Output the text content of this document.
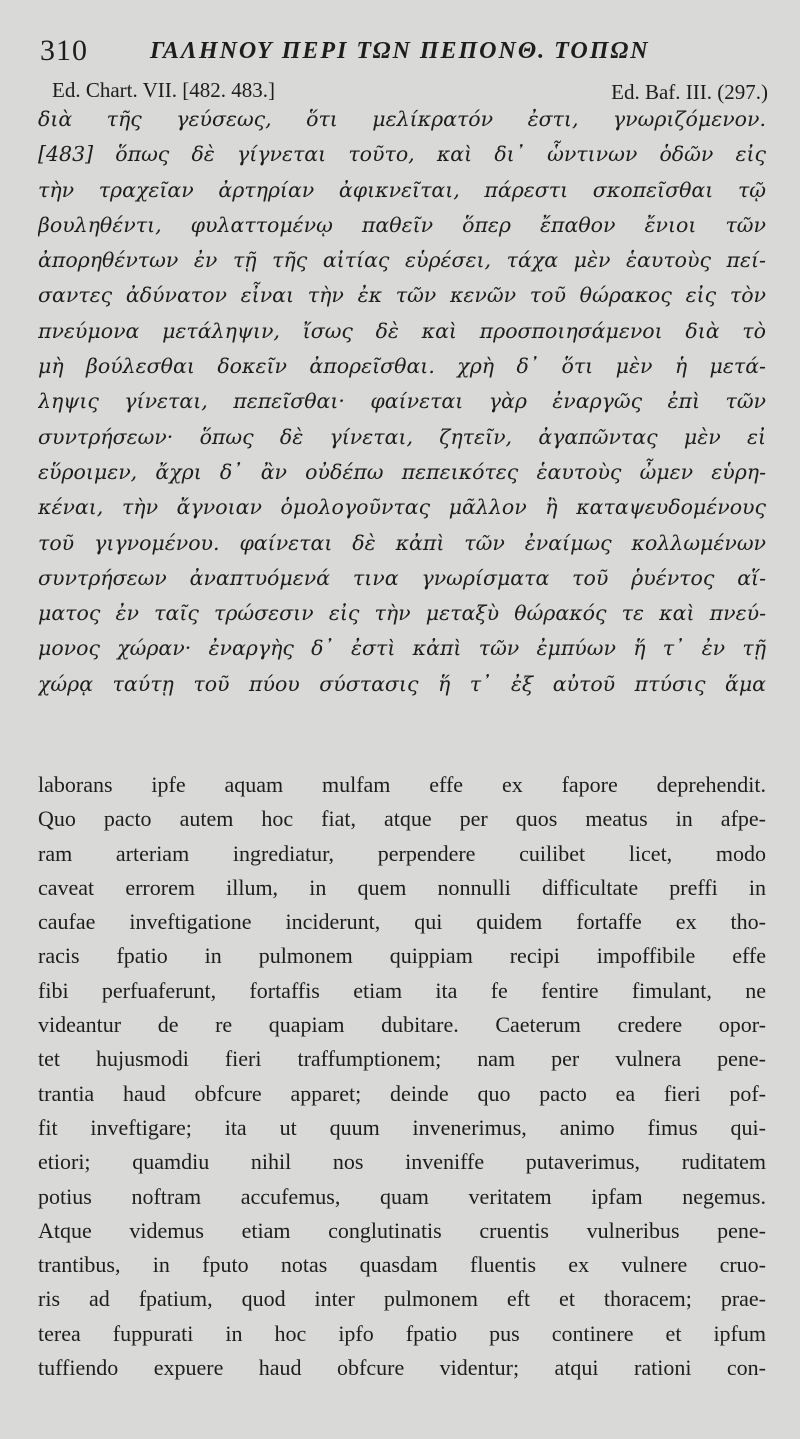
310	ΓΑΛΗΝΟΥ ΠΕΡΙ ΤΩΝ ΠΕΠΟΝΘ. ΤΟΠΩΝ
Ed. Chart. VII. [482. 483.]	Ed. Baf. III. (297.)
διὰ τῆς γεύσεως, ὅτι μελίκρατόν ἐστι, γνωριζόμενον.
[483] ὅπως δὲ γίγνεται τοῦτο, καὶ δι᾽ ὧντινων ὁδῶν εἰς
τὴν τραχεῖαν ἀρτηρίαν ἀφικνεῖται, πάρεστι σκοπεῖσθαι τῷ
βουληθέντι, φυλαττομένῳ παθεῖν ὅπερ ἔπαθον ἔνιοι τῶν
ἀπορηθέντων ἐν τῇ τῆς αἰτίας εὑρέσει, τάχα μὲν ἑαυτοὺς πεί-
σαντες ἀδύνατον εἶναι τὴν ἐκ τῶν κενῶν τοῦ θώρακος εἰς τὸν
πνεύμονα μετάληψιν, ἴσως δὲ καὶ προσποιησάμενοι διὰ τὸ
μὴ βούλεσθαι δοκεῖν ἀπορεῖσθαι. χρὴ δ᾽ ὅτι μὲν ἡ μετά-
ληψις γίνεται, πεπεῖσθαι· φαίνεται γὰρ ἐναργῶς ἐπὶ τῶν
συντρήσεων· ὅπως δὲ γίνεται, ζητεῖν, ἀγαπῶντας μὲν εἰ
εὕροιμεν, ἄχρι δ᾽ ἂν οὐδέπω πεπεικότες ἑαυτοὺς ὦμεν εὑρη-
κέναι, τὴν ἄγνοιαν ὁμολογοῦντας μᾶλλον ἢ καταψευδομένους
τοῦ γιγνομένου. φαίνεται δὲ κἀπὶ τῶν ἐναίμως κολλωμένων
συντρήσεων ἀναπτυόμενά τινα γνωρίσματα τοῦ ῥυέντος αἵ-
ματος ἐν ταῖς τρώσεσιν εἰς τὴν μεταξὺ θώρακός τε καὶ πνεύ-
μονος χώραν· ἐναργὴς δ᾽ ἐστὶ κἀπὶ τῶν ἐμπύων ἥ τ᾽ ἐν τῇ
χώρᾳ ταύτῃ τοῦ πύου σύστασις ἥ τ᾽ ἐξ αὐτοῦ πτύσις ἅμα
laborans ipfe aquam mulfam effe ex fapore deprehendit.
Quo pacto autem hoc fiat, atque per quos meatus in afpe-
ram arteriam ingrediatur, perpendere cuilibet licet, modo
caveat errorem illum, in quem nonnulli difficultate preffi in
caufae inveftigatione inciderunt, qui quidem fortaffe ex tho-
racis fpatio in pulmonem quippiam recipi impoffibile effe
fibi perfuaferunt, fortaffis etiam ita fe fentire fimulant, ne
videantur de re quapiam dubitare. Caeterum credere opor-
tet hujusmodi fieri traffumptionem; nam per vulnera pene-
trantia haud obfcure apparet; deinde quo pacto ea fieri pof-
fit inveftigare; ita ut quum invenerimus, animo fimus qui-
etiori; quamdiu nihil nos inveniffe putaverimus, ruditatem
potius noftram accufemus, quam veritatem ipfam negemus.
Atque videmus etiam conglutinatis cruentis vulneribus pene-
trantibus, in fputo notas quasdam fluentis ex vulnere cruo-
ris ad fpatium, quod inter pulmonem eft et thoracem; prae-
terea fuppurati in hoc ipfo fpatio pus continere et ipfum
tuffiendo expuere haud obfcure videntur; atqui rationi con-
